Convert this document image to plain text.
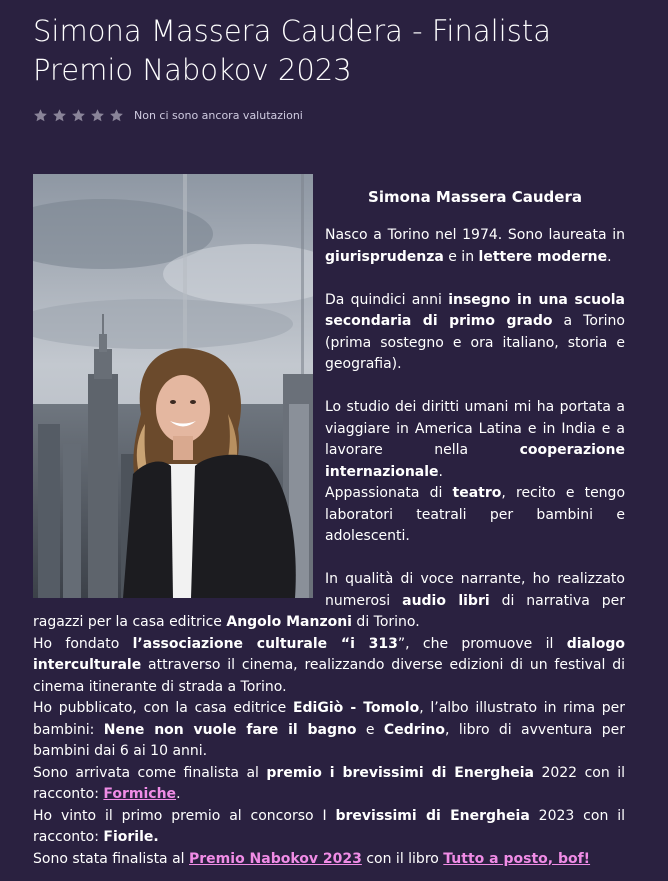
Simona Massera Caudera - Finalista Premio Nabokov 2023
Non ci sono ancora valutazioni
Simona Massera Caudera

Nasco a Torino nel 1974. Sono laureata in giurisprudenza e in lettere moderne.

Da quindici anni insegno in una scuola secondaria di primo grado a Torino (prima sostegno e ora italiano, storia e geografia).

Lo studio dei diritti umani mi ha portata a viaggiare in America Latina e in India e a lavorare nella cooperazione internazionale.

Appassionata di teatro, recito e tengo laboratori teatrali per bambini e adolescenti.

In qualità di voce narrante, ho realizzato numerosi audio libri di narrativa per ragazzi per la casa editrice Angolo Manzoni di Torino.

Ho fondato l’associazione culturale “i 313”, che promuove il dialogo interculturale attraverso il cinema, realizzando diverse edizioni di un festival di cinema itinerante di strada a Torino.

Ho pubblicato, con la casa editrice EdiGiò - Tomolo, l’albo illustrato in rima per bambini: Nene non vuole fare il bagno e Cedrino, libro di avventura per bambini dai 6 ai 10 anni.

Sono arrivata come finalista al premio i brevissimi di Energheia 2022 con il racconto: Formiche.

Ho vinto il primo premio al concorso I brevissimi di Energheia 2023 con il racconto: Fiorile.

Sono stata finalista al Premio Nabokov 2023 con il libro Tutto a posto, bof!
